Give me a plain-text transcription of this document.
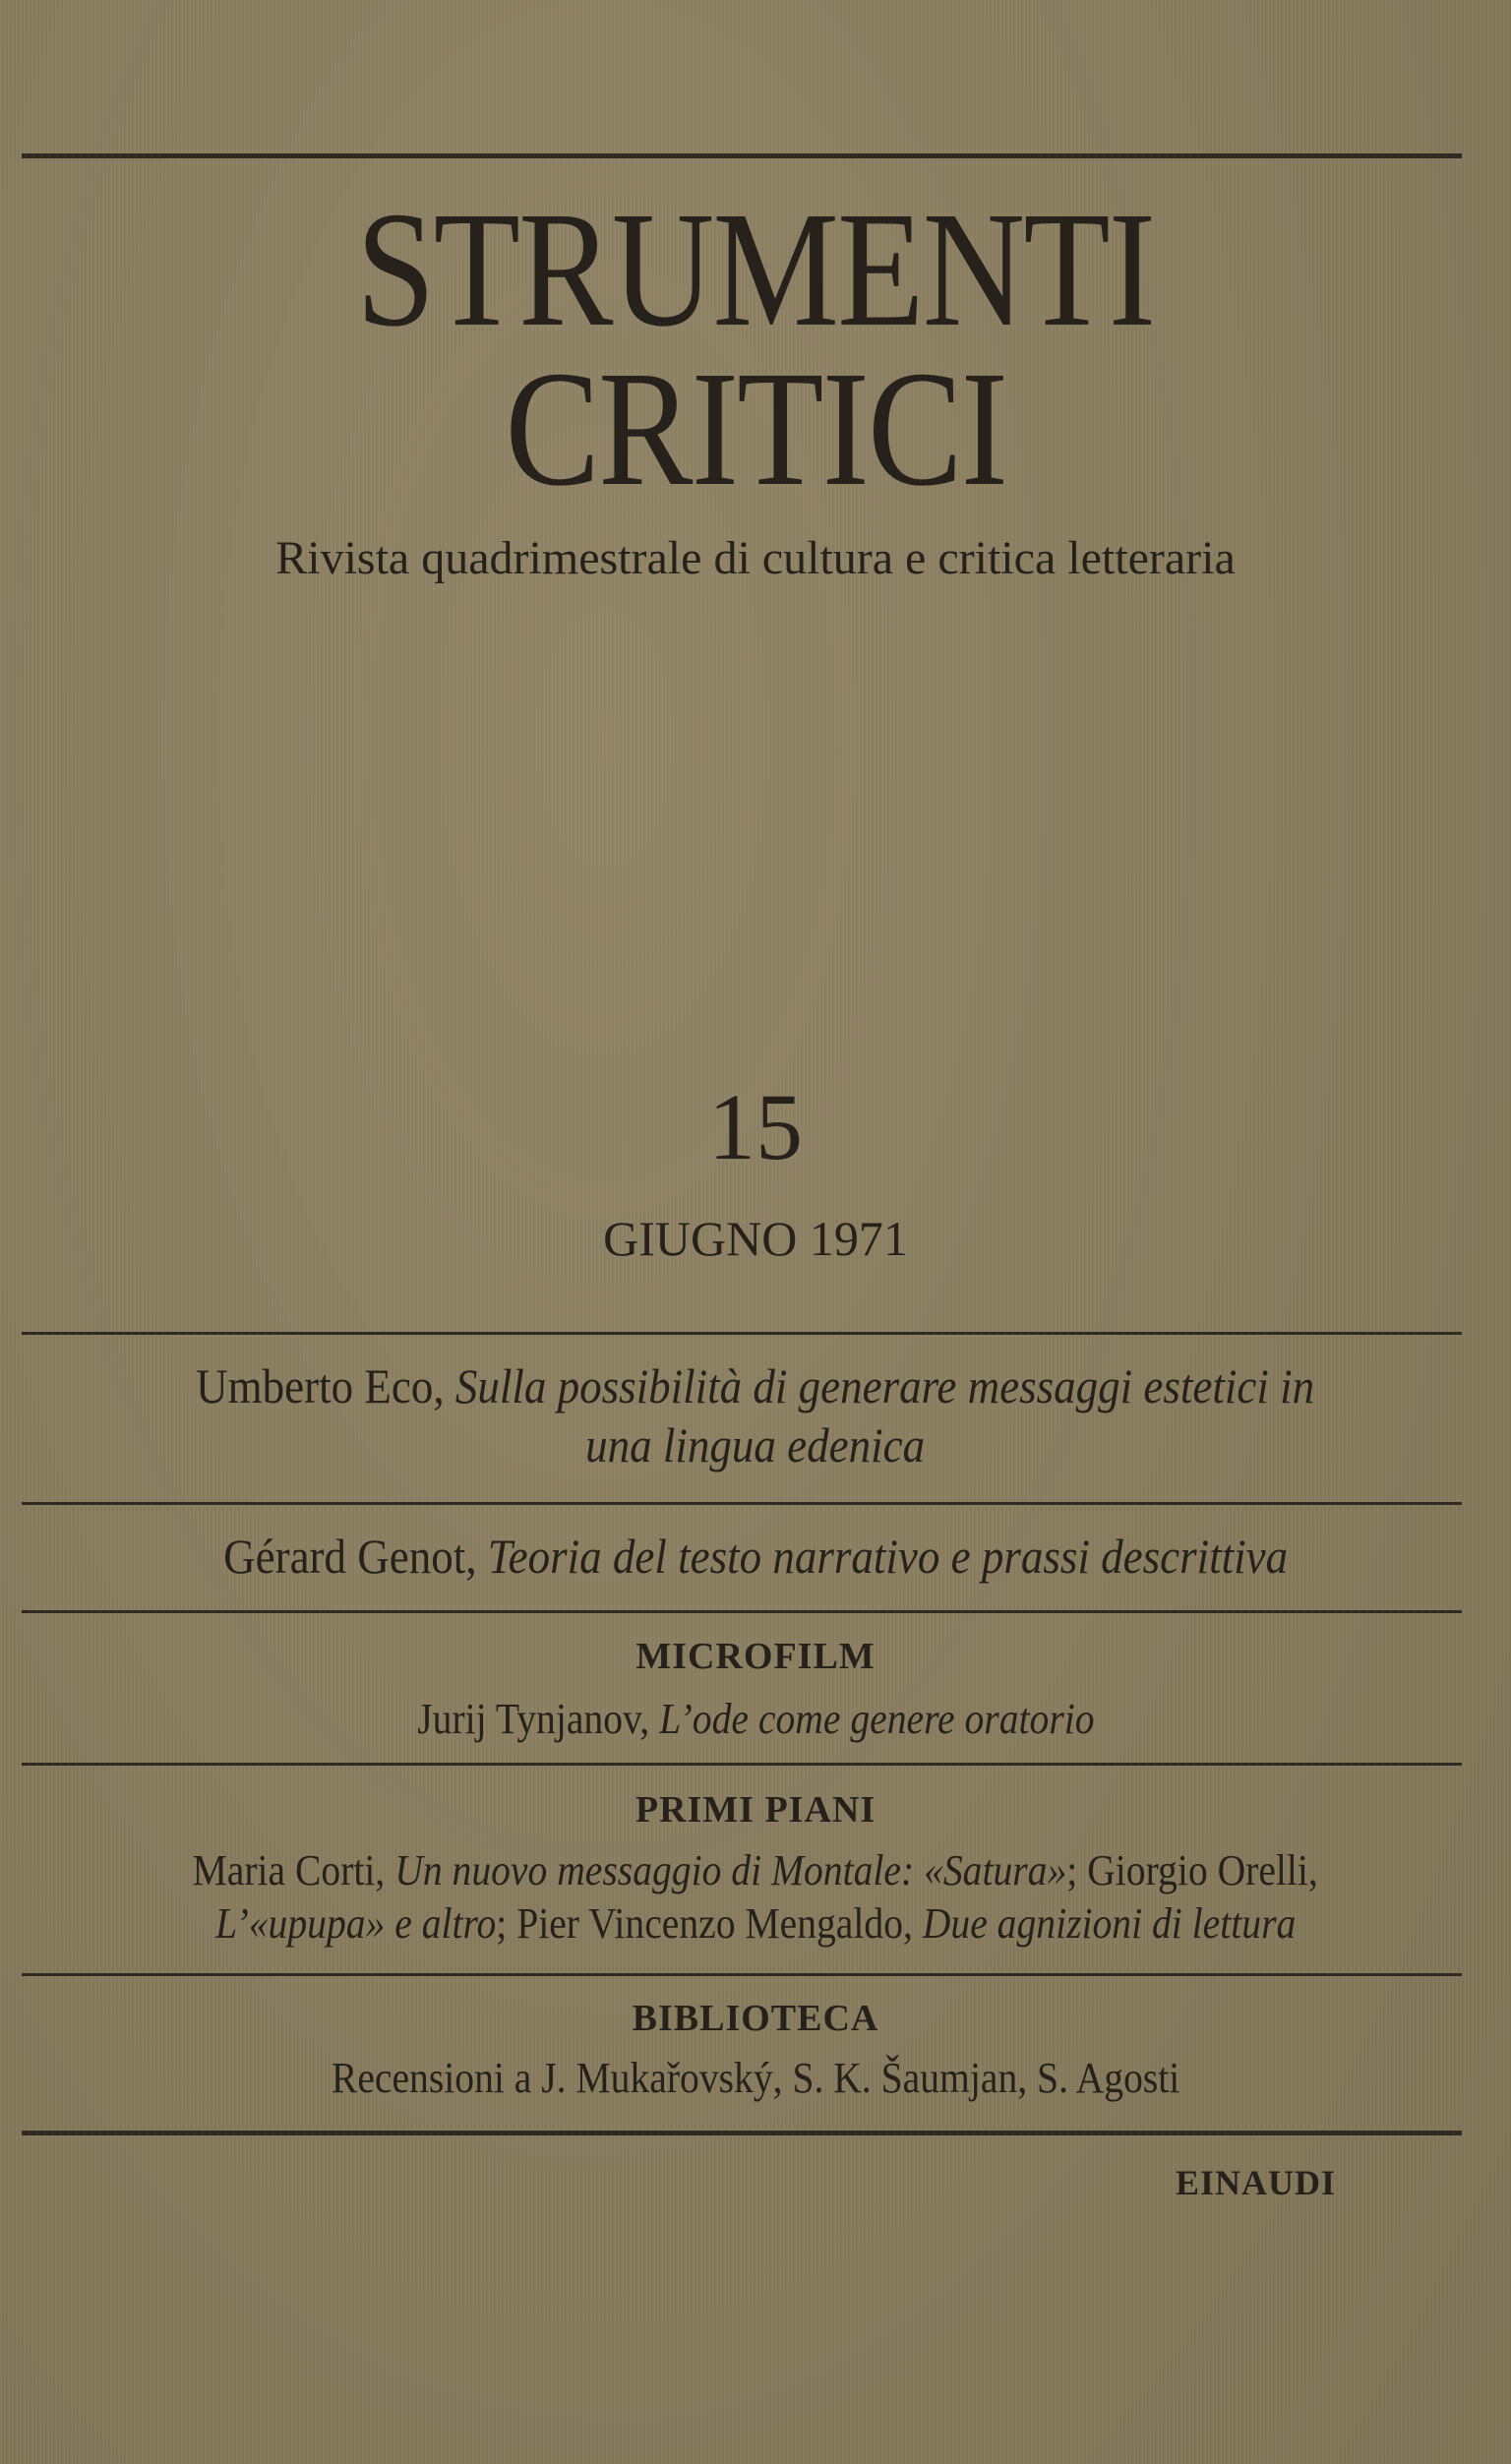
STRUMENTI
CRITICI
Rivista quadrimestrale di cultura e critica letteraria
15
GIUGNO 1971
Umberto Eco, Sulla possibilità di generare messaggi estetici in
una lingua edenica
Gérard Genot, Teoria del testo narrativo e prassi descrittiva
MICROFILM
Jurij Tynjanov, L’ode come genere oratorio
PRIMI PIANI
Maria Corti, Un nuovo messaggio di Montale: «Satura»; Giorgio Orelli,
L’«upupa» e altro; Pier Vincenzo Mengaldo, Due agnizioni di lettura
BIBLIOTECA
Recensioni a J. Mukařovský, S. K. Šaumjan, S. Agosti
EINAUDI
